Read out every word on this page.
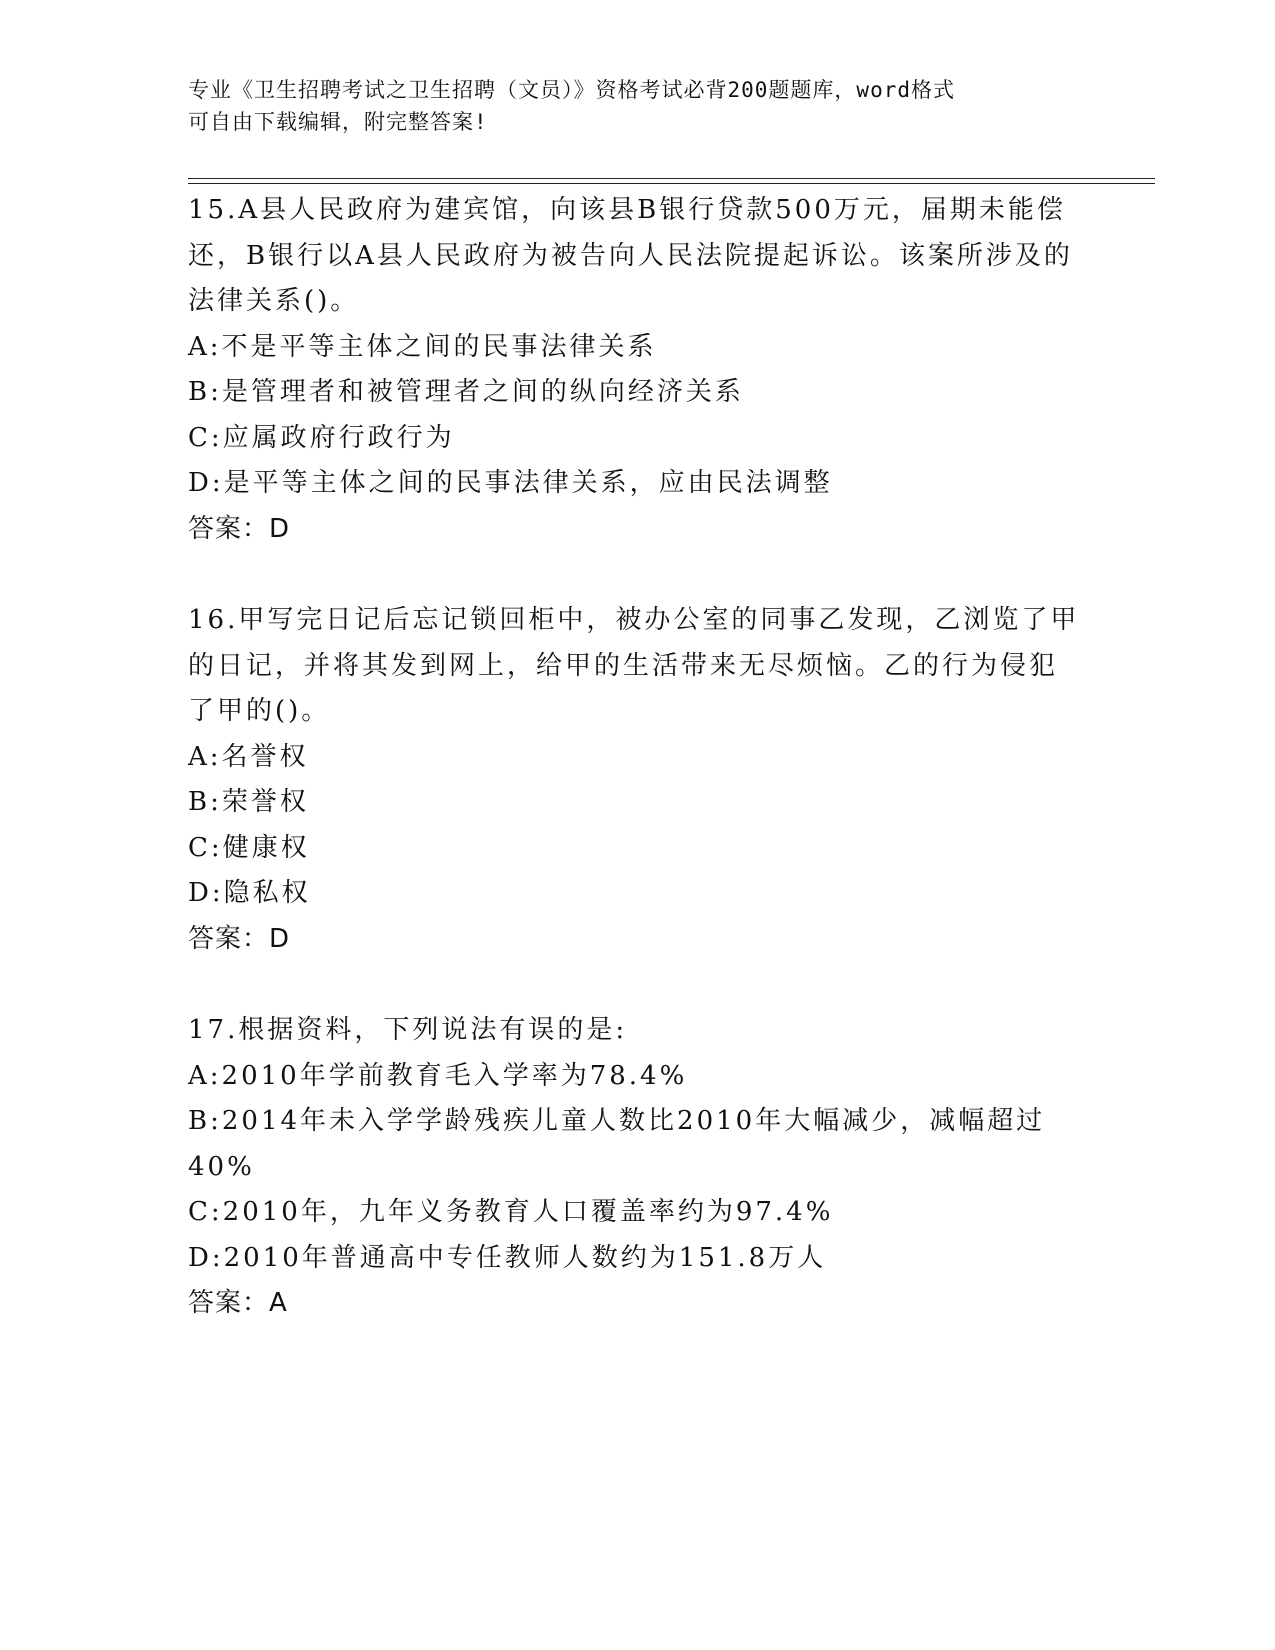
专业《卫生招聘考试之卫生招聘（文员）》资格考试必背200题题库，word格式
可自由下载编辑，附完整答案!
15.A县人民政府为建宾馆，向该县B银行贷款500万元，届期未能偿
还，B银行以A县人民政府为被告向人民法院提起诉讼。该案所涉及的
法律关系()。
A:不是平等主体之间的民事法律关系
B:是管理者和被管理者之间的纵向经济关系
C:应属政府行政行为
D:是平等主体之间的民事法律关系，应由民法调整
答案：D
16.甲写完日记后忘记锁回柜中，被办公室的同事乙发现，乙浏览了甲
的日记，并将其发到网上，给甲的生活带来无尽烦恼。乙的行为侵犯
了甲的()。
A:名誉权
B:荣誉权
C:健康权
D:隐私权
答案：D
17.根据资料，下列说法有误的是:
A:2010年学前教育毛入学率为78.4%
B:2014年未入学学龄残疾儿童人数比2010年大幅减少，减幅超过
40%
C:2010年，九年义务教育人口覆盖率约为97.4%
D:2010年普通高中专任教师人数约为151.8万人
答案：A
